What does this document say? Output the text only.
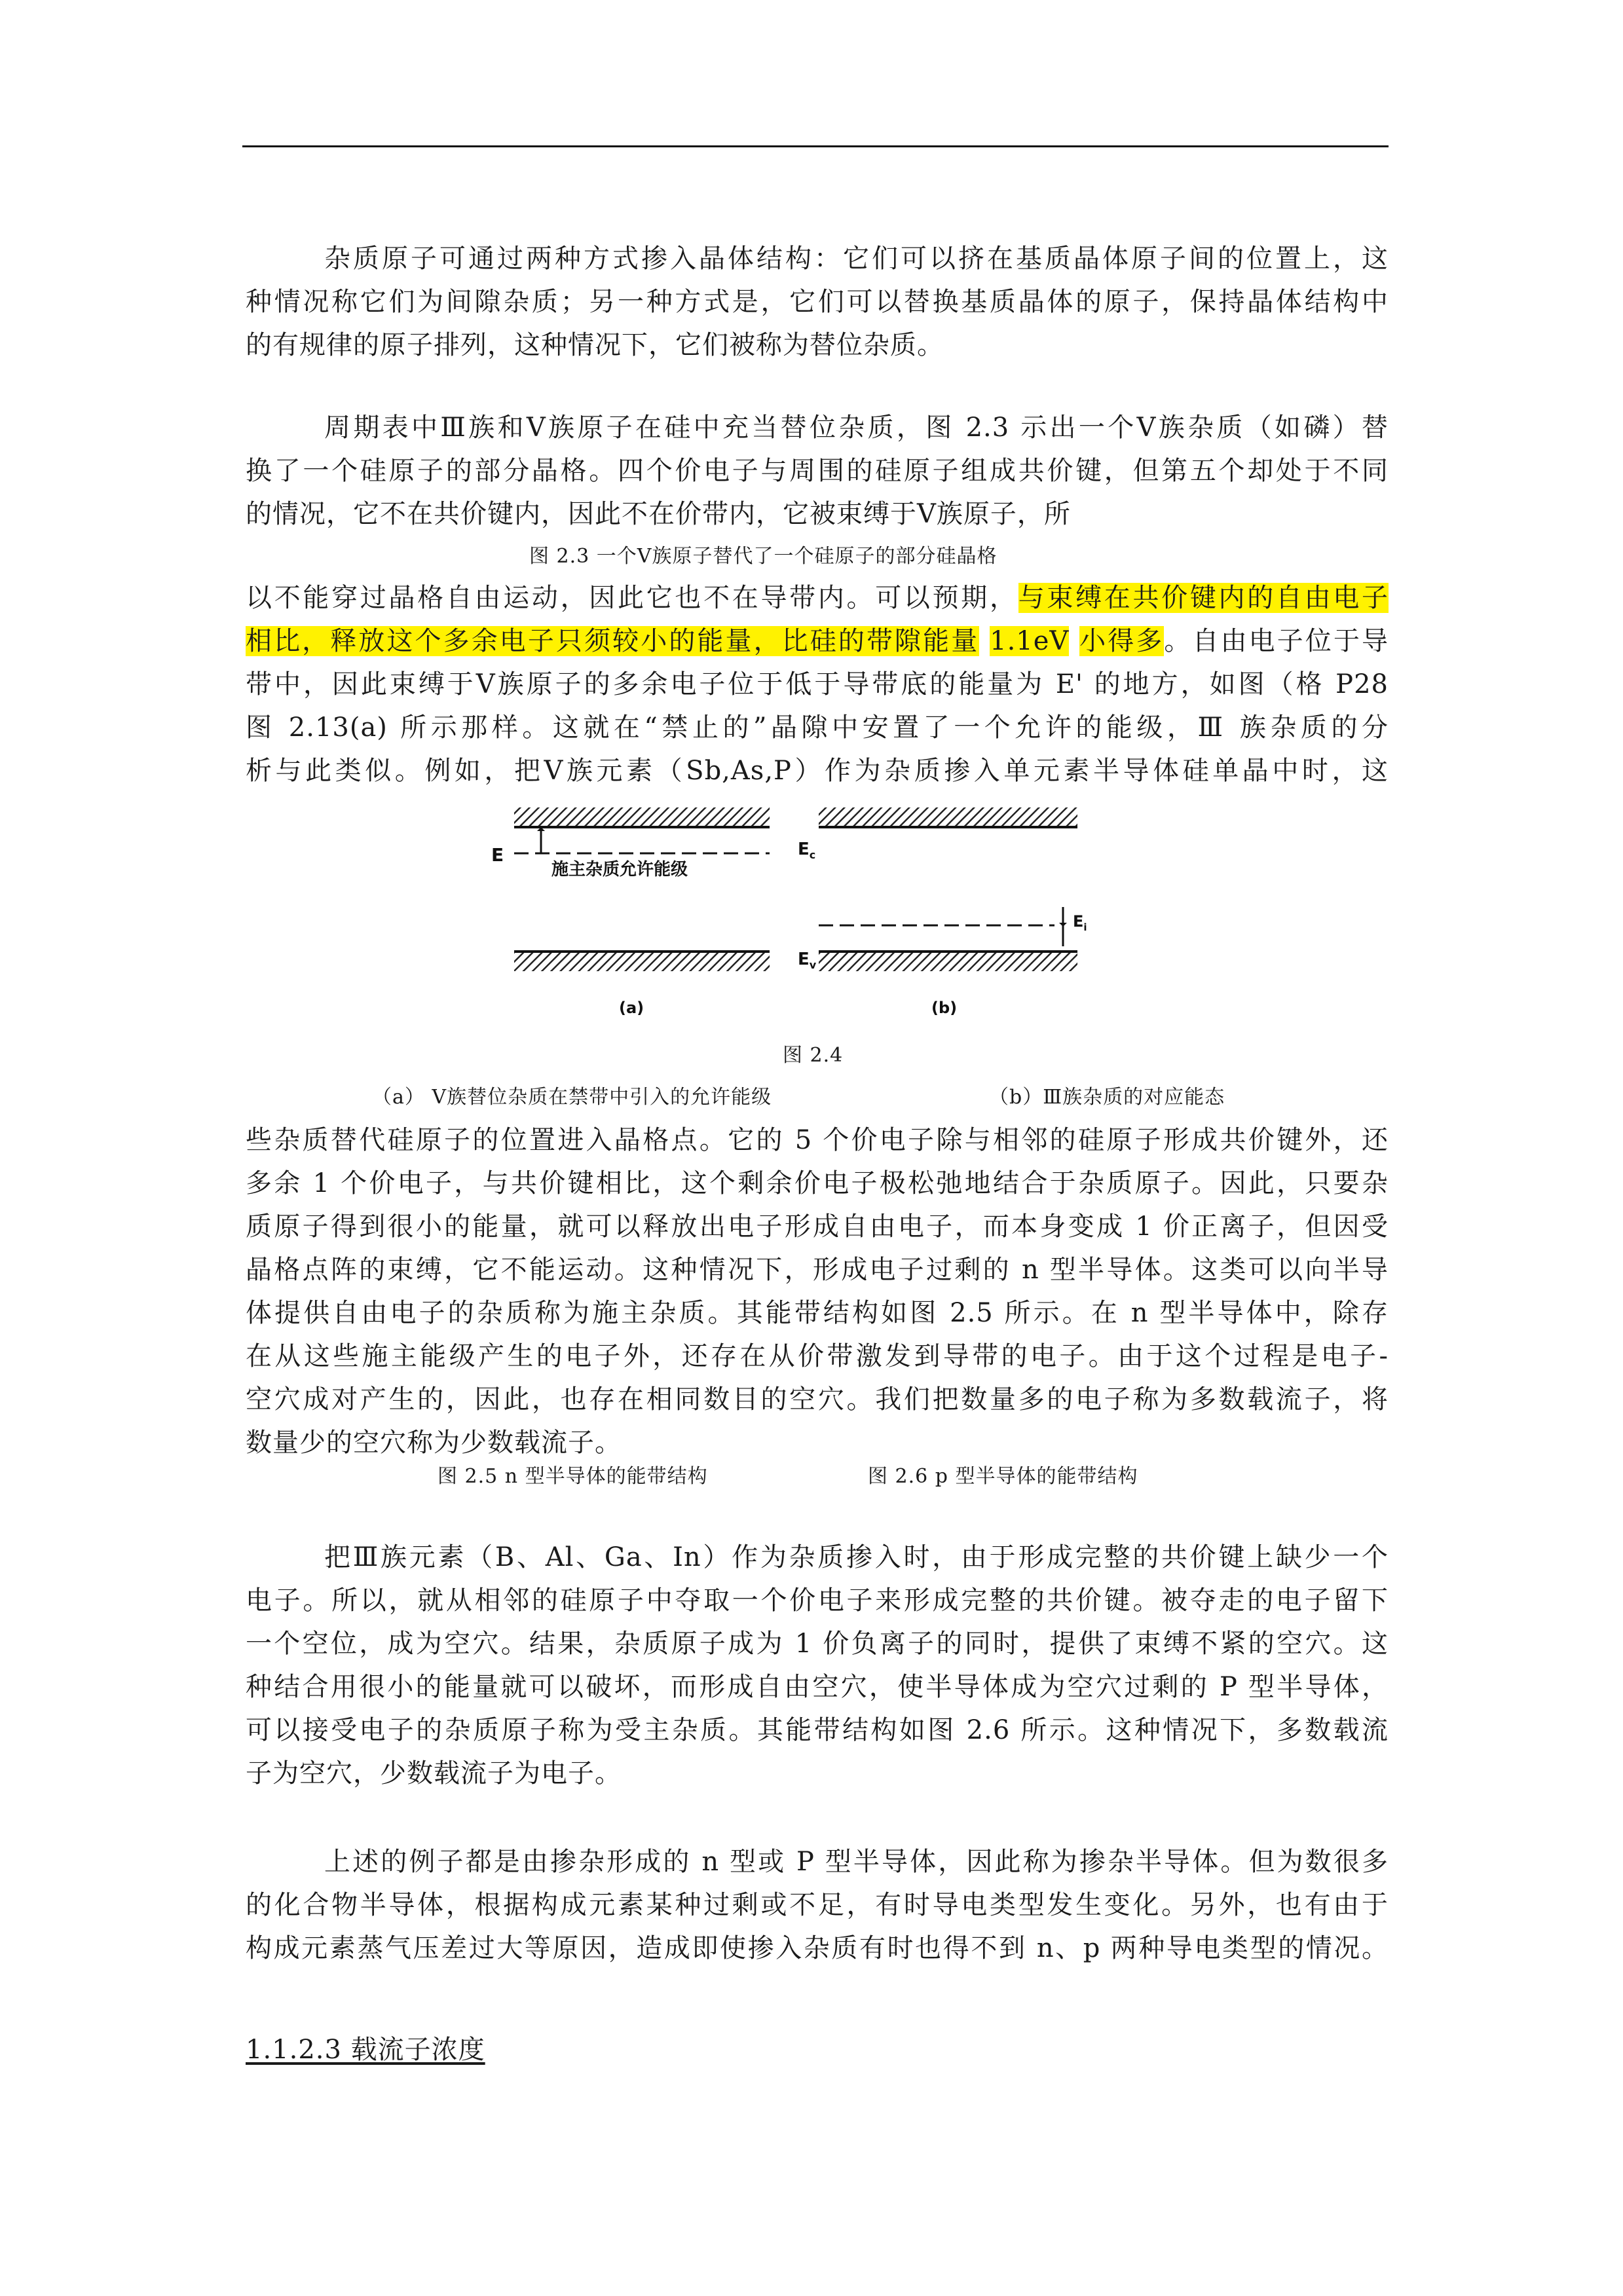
杂质原子可通过两种方式掺入晶体结构：它们可以挤在基质晶体原子间的位置上，这
种情况称它们为间隙杂质；另一种方式是，它们可以替换基质晶体的原子，保持晶体结构中
的有规律的原子排列，这种情况下，它们被称为替位杂质。

周期表中Ⅲ族和Ⅴ族原子在硅中充当替位杂质，图 2.3 示出一个Ⅴ族杂质（如磷）替
换了一个硅原子的部分晶格。四个价电子与周围的硅原子组成共价键，但第五个却处于不同
的情况，它不在共价键内，因此不在价带内，它被束缚于Ⅴ族原子，所

图 2.3 一个Ⅴ族原子替代了一个硅原子的部分硅晶格

以不能穿过晶格自由运动，因此它也不在导带内。可以预期，与束缚在共价键内的自由电子
相比，释放这个多余电子只须较小的能量，比硅的带隙能量 1.1eV 小得多。自由电子位于导
带中，因此束缚于Ⅴ族原子的多余电子位于低于导带底的能量为 E' 的地方，如图（格 P28
图 2.13(a) 所示那样。这就在“禁止的”晶隙中安置了一个允许的能级，Ⅲ 族杂质的分
析与此类似。例如，把Ⅴ族元素（Sb,As,P）作为杂质掺入单元素半导体硅单晶中时，这

E
施主杂质允许能级
(a)
$E_c$
$E_i$
$E_v$
(b)
图 2.4
（a） Ⅴ族替位杂质在禁带中引入的允许能级	（b）Ⅲ族杂质的对应能态

些杂质替代硅原子的位置进入晶格点。它的 5 个价电子除与相邻的硅原子形成共价键外，还
多余 1 个价电子，与共价键相比，这个剩余价电子极松弛地结合于杂质原子。因此，只要杂
质原子得到很小的能量，就可以释放出电子形成自由电子，而本身变成 1 价正离子，但因受
晶格点阵的束缚，它不能运动。这种情况下，形成电子过剩的 n 型半导体。这类可以向半导
体提供自由电子的杂质称为施主杂质。其能带结构如图 2.5 所示。在 n 型半导体中，除存
在从这些施主能级产生的电子外，还存在从价带激发到导带的电子。由于这个过程是电子-
空穴成对产生的，因此，也存在相同数目的空穴。我们把数量多的电子称为多数载流子，将
数量少的空穴称为少数载流子。

图 2.5 n 型半导体的能带结构	图 2.6 p 型半导体的能带结构

把Ⅲ族元素（B、Al、Ga、In）作为杂质掺入时，由于形成完整的共价键上缺少一个
电子。所以，就从相邻的硅原子中夺取一个价电子来形成完整的共价键。被夺走的电子留下
一个空位，成为空穴。结果，杂质原子成为 1 价负离子的同时，提供了束缚不紧的空穴。这
种结合用很小的能量就可以破坏，而形成自由空穴，使半导体成为空穴过剩的 P 型半导体，
可以接受电子的杂质原子称为受主杂质。其能带结构如图 2.6 所示。这种情况下，多数载流
子为空穴，少数载流子为电子。

上述的例子都是由掺杂形成的 n 型或 P 型半导体，因此称为掺杂半导体。但为数很多
的化合物半导体，根据构成元素某种过剩或不足，有时导电类型发生变化。另外，也有由于
构成元素蒸气压差过大等原因，造成即使掺入杂质有时也得不到 n、p 两种导电类型的情况。

1.1.2.3 载流子浓度
